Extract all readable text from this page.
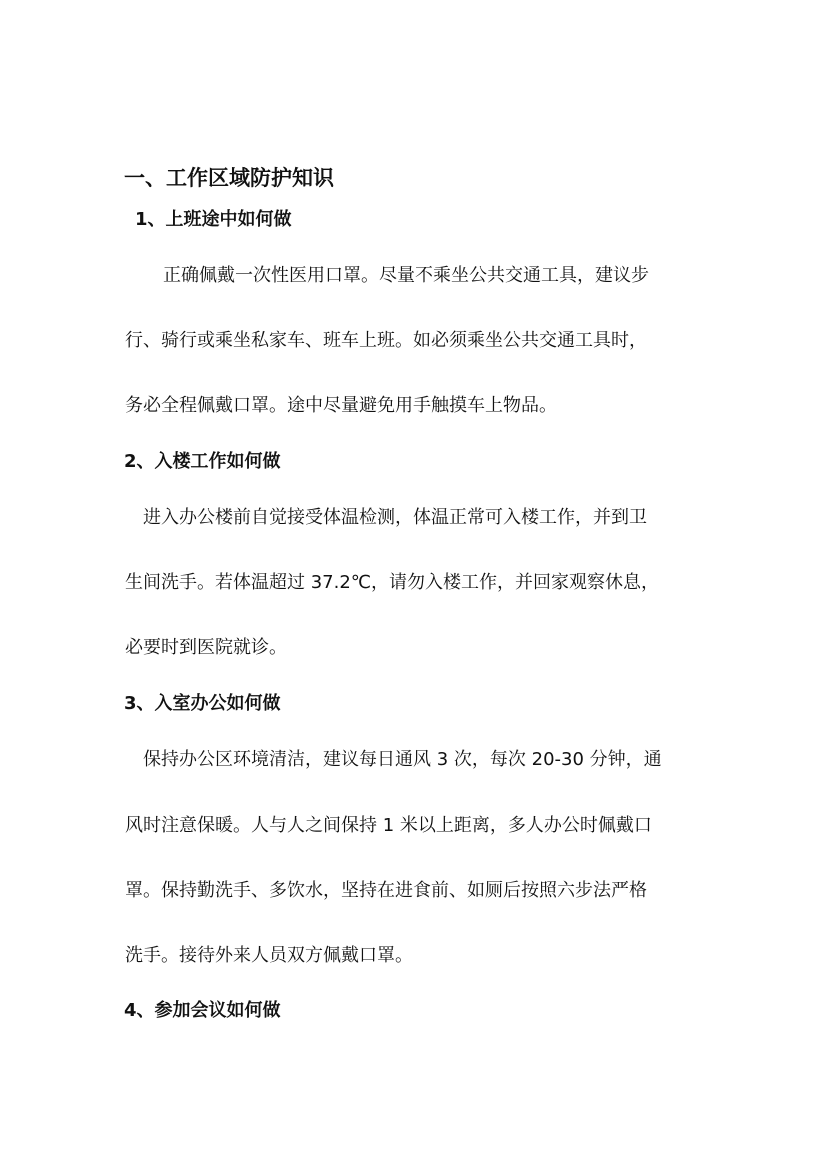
一、工作区域防护知识
1、上班途中如何做
正确佩戴一次性医用口罩。尽量不乘坐公共交通工具，建议步
行、骑行或乘坐私家车、班车上班。如必须乘坐公共交通工具时，
务必全程佩戴口罩。途中尽量避免用手触摸车上物品。
2、入楼工作如何做
进入办公楼前自觉接受体温检测，体温正常可入楼工作，并到卫
生间洗手。若体温超过 37.2℃，请勿入楼工作，并回家观察休息，
必要时到医院就诊。
3、入室办公如何做
保持办公区环境清洁，建议每日通风 3 次，每次 20-30 分钟，通
风时注意保暖。人与人之间保持 1 米以上距离，多人办公时佩戴口
罩。保持勤洗手、多饮水，坚持在进食前、如厕后按照六步法严格
洗手。接待外来人员双方佩戴口罩。
4、参加会议如何做
